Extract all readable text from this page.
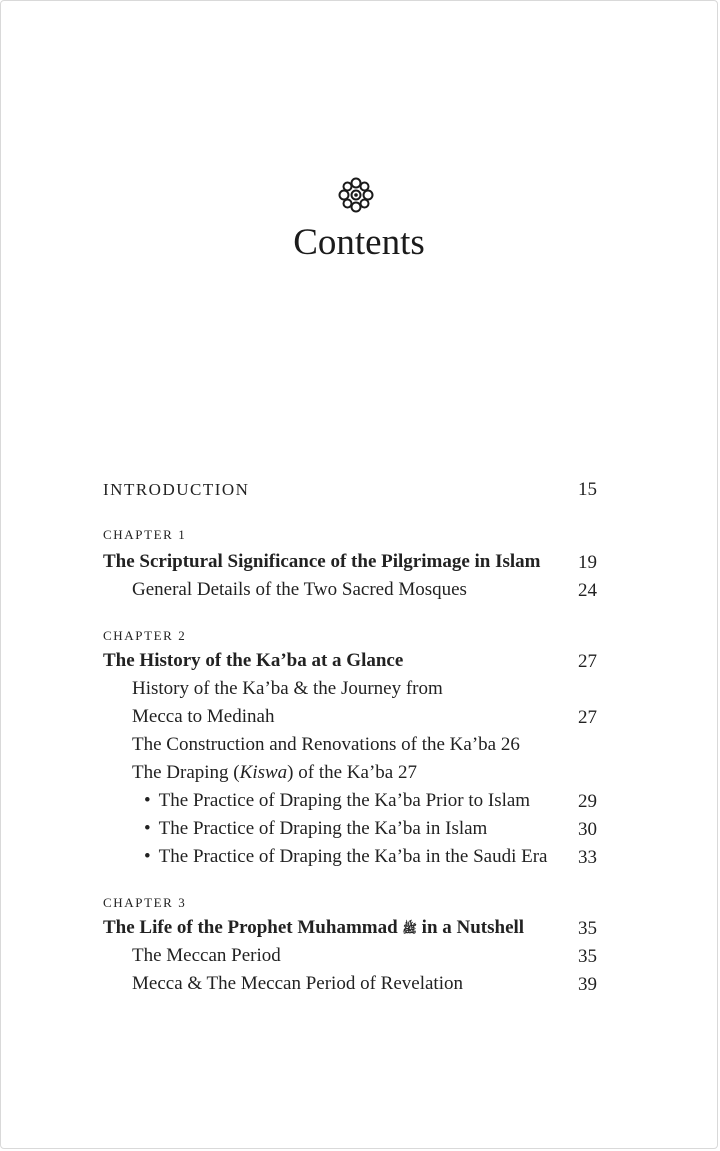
Contents
INTRODUCTION	15
CHAPTER 1
The Scriptural Significance of the Pilgrimage in Islam	19
General Details of the Two Sacred Mosques	24
CHAPTER 2
The History of the Ka’ba at a Glance	27
History of the Ka’ba & the Journey from
Mecca to Medinah	27
The Construction and Renovations of the Ka’ba 26
The Draping (Kiswa) of the Ka’ba 27
• The Practice of Draping the Ka’ba Prior to Islam	29
• The Practice of Draping the Ka’ba in Islam	30
• The Practice of Draping the Ka’ba in the Saudi Era	33
CHAPTER 3
The Life of the Prophet Muhammad ﷺ in a Nutshell	35
The Meccan Period	35
Mecca & The Meccan Period of Revelation	39
